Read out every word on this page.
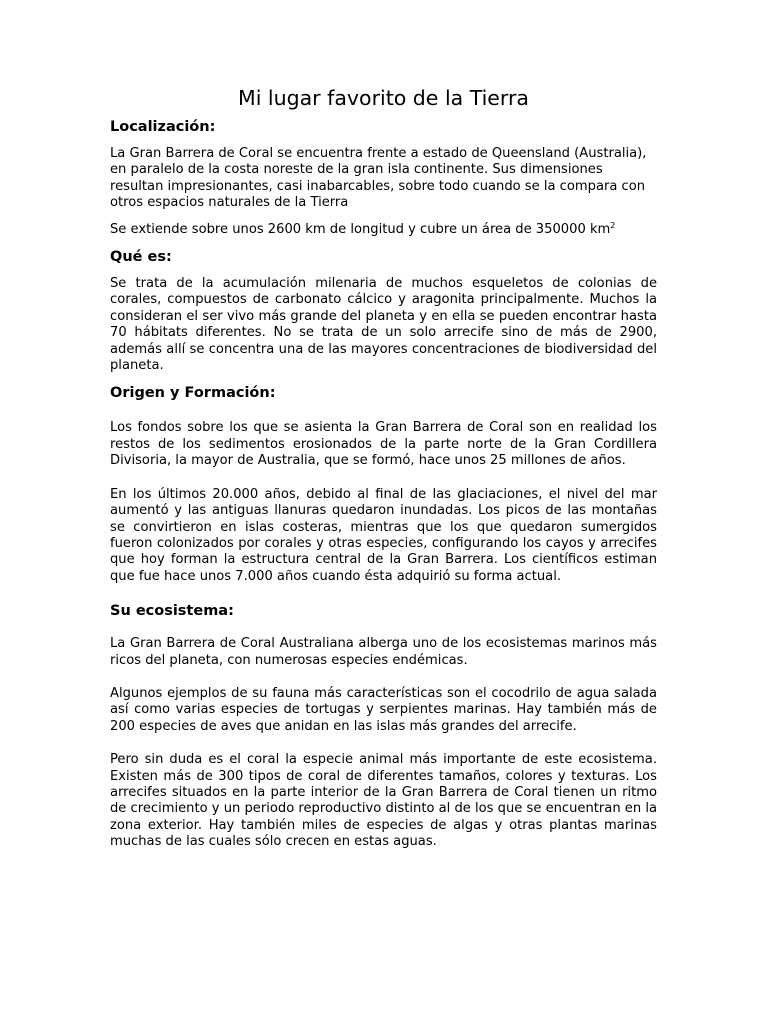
Mi lugar favorito de la Tierra
Localización:

La Gran Barrera de Coral se encuentra frente a estado de Queensland (Australia), en paralelo de la costa noreste de la gran isla continente. Sus dimensiones resultan impresionantes, casi inabarcables, sobre todo cuando se la compara con otros espacios naturales de la Tierra

Se extiende sobre unos 2600 km de longitud y cubre un área de 350000 $km^2$

Qué es:

Se trata de la acumulación milenaria de muchos esqueletos de colonias de corales, compuestos de carbonato cálcico y aragonita principalmente. Muchos la consideran el ser vivo más grande del planeta y en ella se pueden encontrar hasta 70 hábitats diferentes. No se trata de un solo arrecife sino de más de 2900, además allí se concentra una de las mayores concentraciones de biodiversidad del planeta.

Origen y Formación:

Los fondos sobre los que se asienta la Gran Barrera de Coral son en realidad los restos de los sedimentos erosionados de la parte norte de la Gran Cordillera Divisoria, la mayor de Australia, que se formó, hace unos 25 millones de años.

En los últimos 20.000 años, debido al final de las glaciaciones, el nivel del mar aumentó y las antiguas llanuras quedaron inundadas. Los picos de las montañas se convirtieron en islas costeras, mientras que los que quedaron sumergidos fueron colonizados por corales y otras especies, configurando los cayos y arrecifes que hoy forman la estructura central de la Gran Barrera. Los científicos estiman que fue hace unos 7.000 años cuando ésta adquirió su forma actual.

Su ecosistema:

La Gran Barrera de Coral Australiana alberga uno de los ecosistemas marinos más ricos del planeta, con numerosas especies endémicas.

Algunos ejemplos de su fauna más características son el cocodrilo de agua salada así como varias especies de tortugas y serpientes marinas. Hay también más de 200 especies de aves que anidan en las islas más grandes del arrecife.

Pero sin duda es el coral la especie animal más importante de este ecosistema. Existen más de 300 tipos de coral de diferentes tamaños, colores y texturas. Los arrecifes situados en la parte interior de la Gran Barrera de Coral tienen un ritmo de crecimiento y un periodo reproductivo distinto al de los que se encuentran en la zona exterior. Hay también miles de especies de algas y otras plantas marinas muchas de las cuales sólo crecen en estas aguas.
